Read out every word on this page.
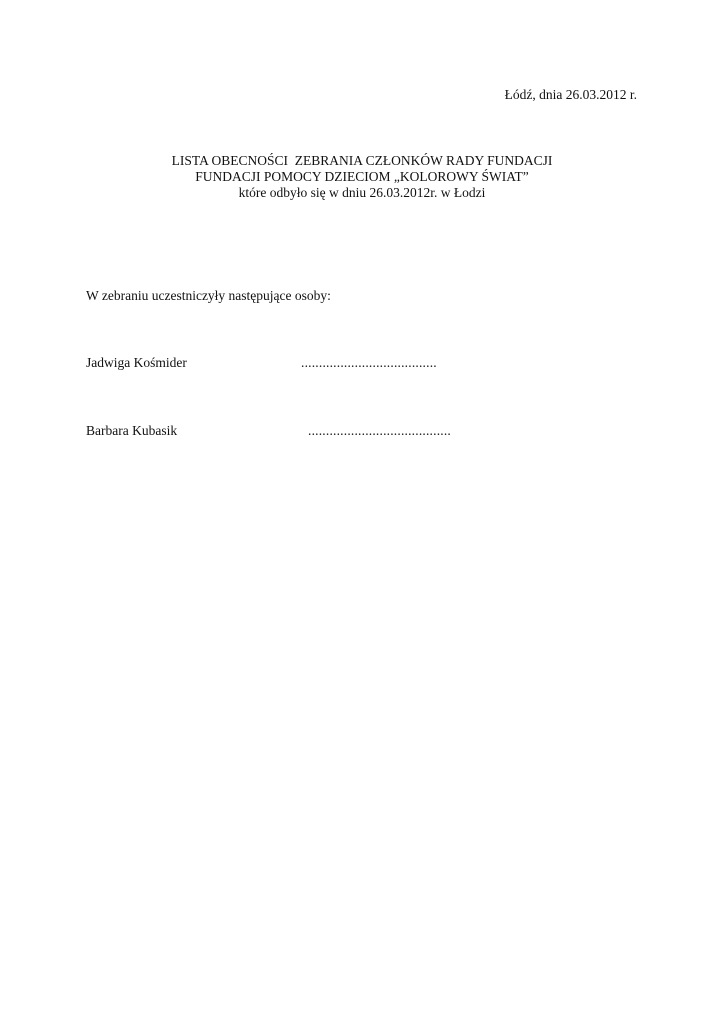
Łódź, dnia 26.03.2012 r.
LISTA OBECNOŚCI  ZEBRANIA CZŁONKÓW RADY FUNDACJI
FUNDACJI POMOCY DZIECIOM „KOLOROWY ŚWIAT”
które odbyło się w dniu 26.03.2012r. w Łodzi
W zebraniu uczestniczyły następujące osoby:
Jadwiga Kośmider	......................................
Barbara Kubasik	........................................
